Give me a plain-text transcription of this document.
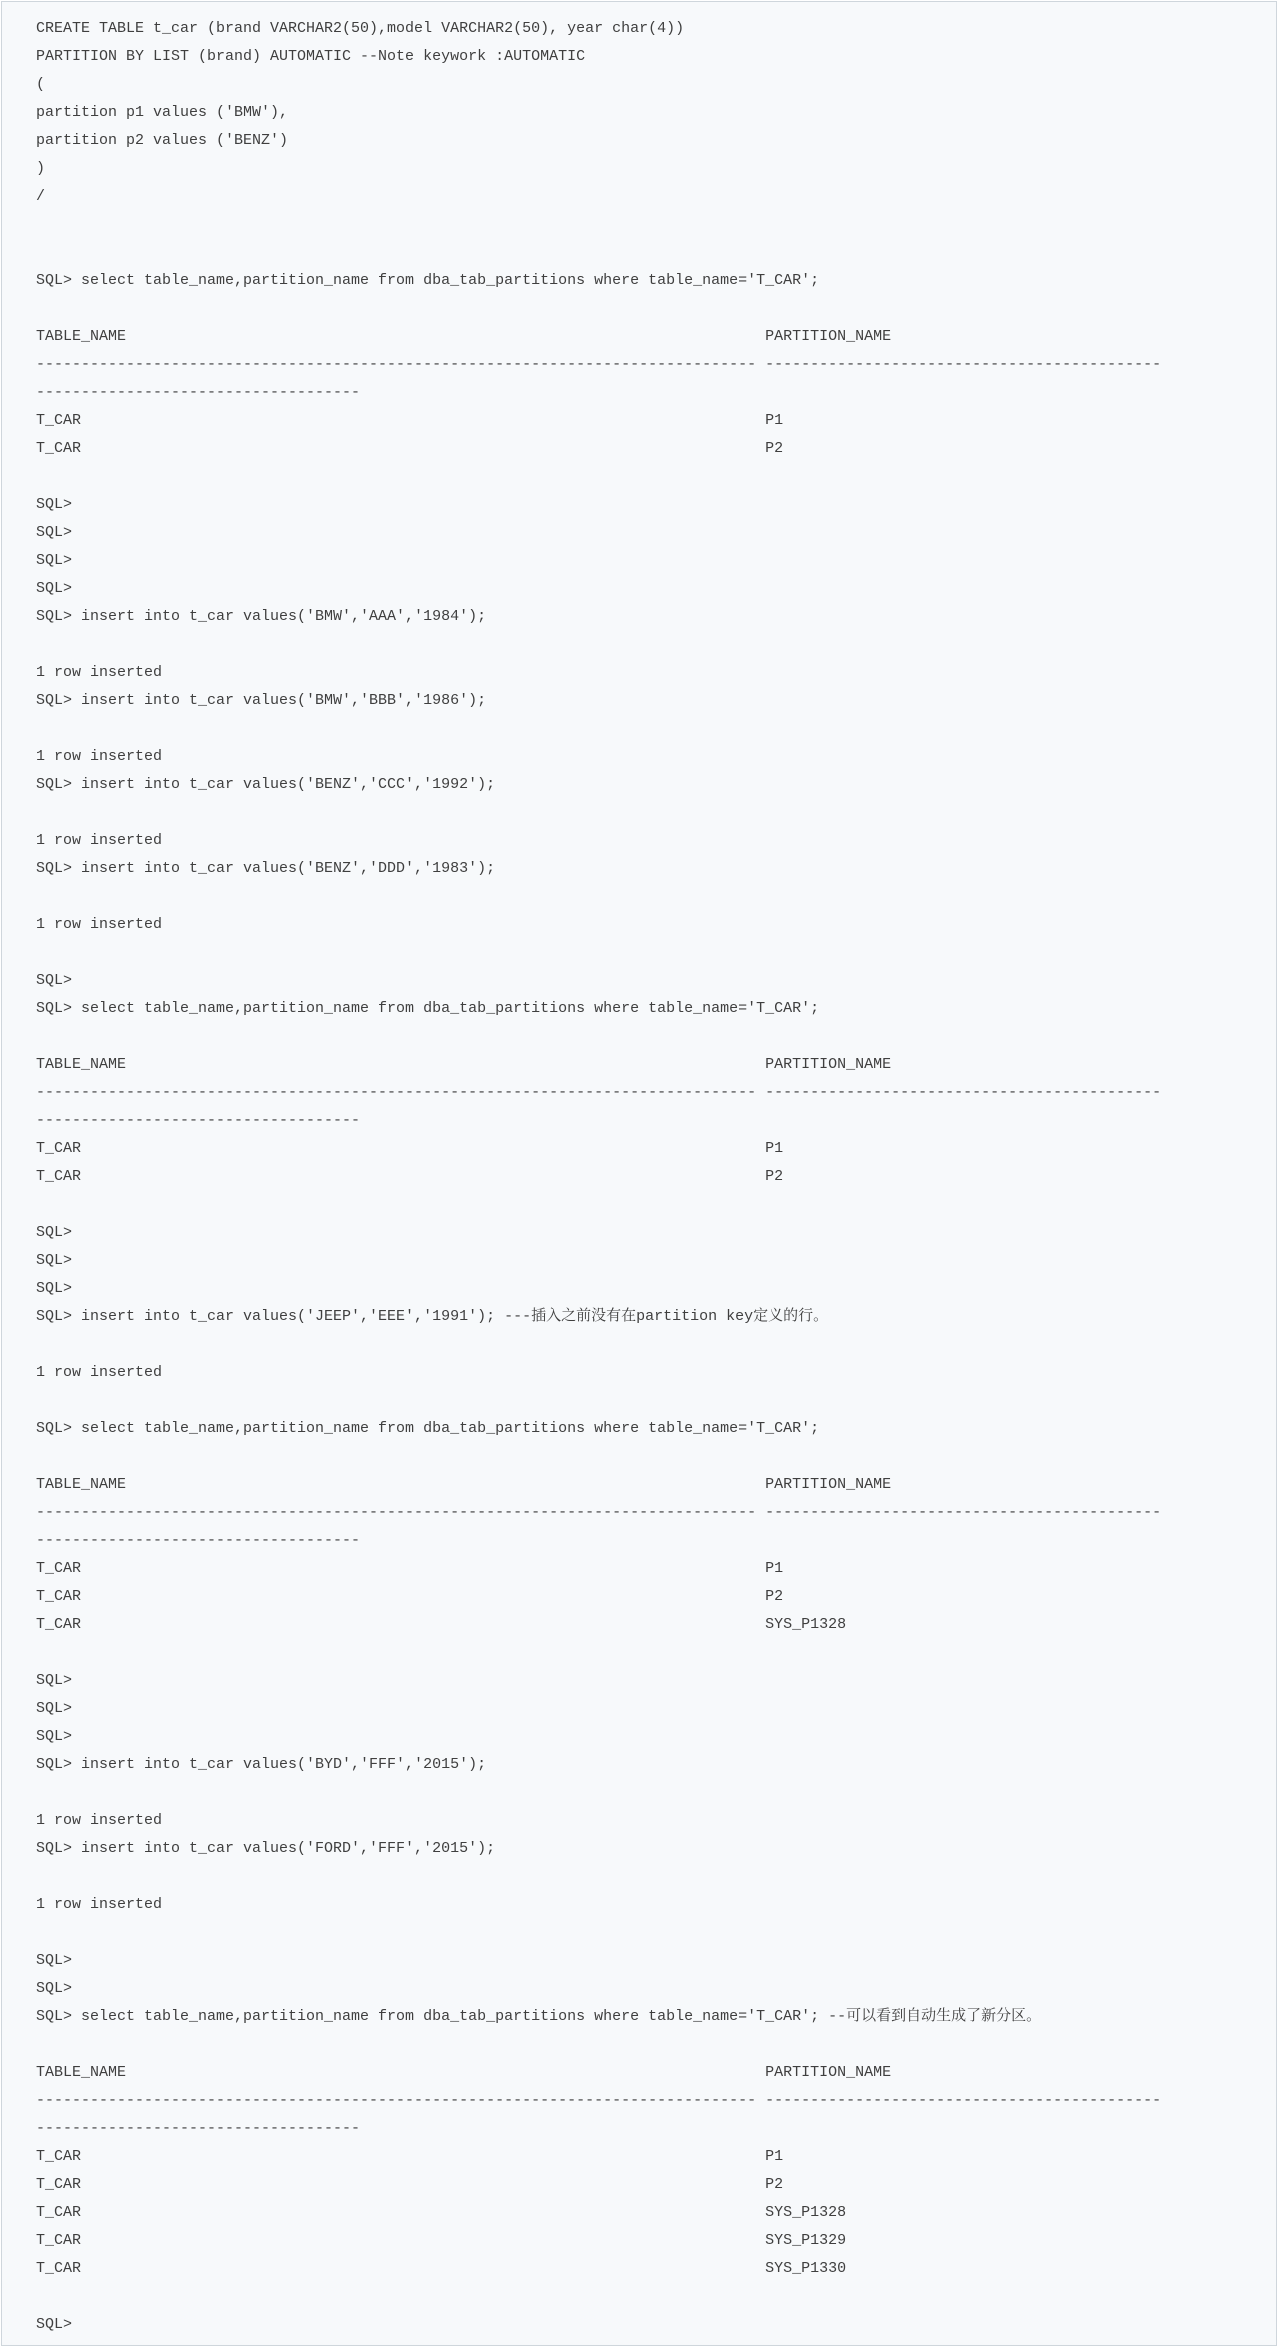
CREATE TABLE t_car (brand VARCHAR2(50),model VARCHAR2(50), year char(4))
PARTITION BY LIST (brand) AUTOMATIC --Note keywork :AUTOMATIC
(
partition p1 values ('BMW'),
partition p2 values ('BENZ')
)
/
SQL> select table_name,partition_name from dba_tab_partitions where table_name='T_CAR';
TABLE_NAME                                                                       PARTITION_NAME
-------------------------------------------------------------------------------- --------------------------------------------
------------------------------------
T_CAR                                                                            P1
T_CAR                                                                            P2
SQL>
SQL>
SQL>
SQL>
SQL> insert into t_car values('BMW','AAA','1984');
1 row inserted
SQL> insert into t_car values('BMW','BBB','1986');
1 row inserted
SQL> insert into t_car values('BENZ','CCC','1992');
1 row inserted
SQL> insert into t_car values('BENZ','DDD','1983');
1 row inserted
SQL>
SQL> select table_name,partition_name from dba_tab_partitions where table_name='T_CAR';
TABLE_NAME                                                                       PARTITION_NAME
-------------------------------------------------------------------------------- --------------------------------------------
------------------------------------
T_CAR                                                                            P1
T_CAR                                                                            P2
SQL>
SQL>
SQL>
SQL> insert into t_car values('JEEP','EEE','1991'); ---插入之前没有在partition key定义的行。
1 row inserted
SQL> select table_name,partition_name from dba_tab_partitions where table_name='T_CAR';
TABLE_NAME                                                                       PARTITION_NAME
-------------------------------------------------------------------------------- --------------------------------------------
------------------------------------
T_CAR                                                                            P1
T_CAR                                                                            P2
T_CAR                                                                            SYS_P1328
SQL>
SQL>
SQL>
SQL> insert into t_car values('BYD','FFF','2015');
1 row inserted
SQL> insert into t_car values('FORD','FFF','2015');
1 row inserted
SQL>
SQL>
SQL> select table_name,partition_name from dba_tab_partitions where table_name='T_CAR'; --可以看到自动生成了新分区。
TABLE_NAME                                                                       PARTITION_NAME
-------------------------------------------------------------------------------- --------------------------------------------
------------------------------------
T_CAR                                                                            P1
T_CAR                                                                            P2
T_CAR                                                                            SYS_P1328
T_CAR                                                                            SYS_P1329
T_CAR                                                                            SYS_P1330
SQL>
